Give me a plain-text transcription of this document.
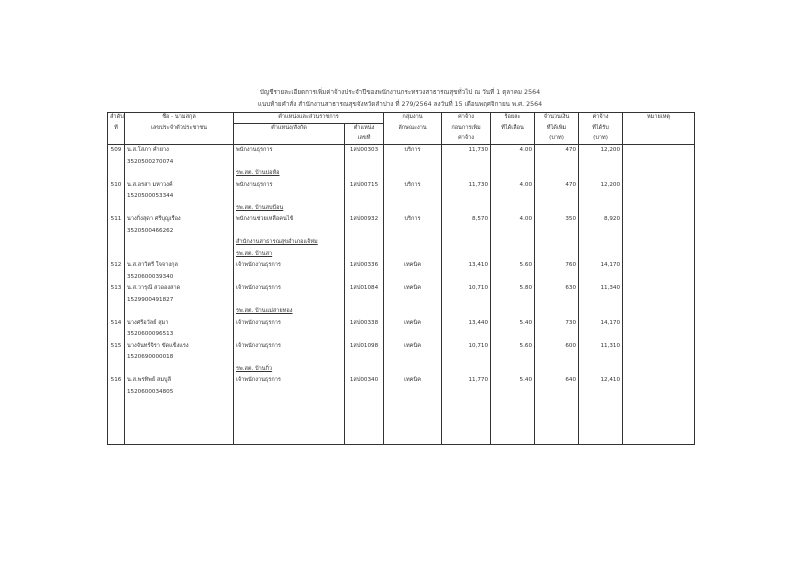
บัญชีรายละเอียดการเพิ่มค่าจ้างประจำปีของพนักงานกระทรวงสาธารณสุขทั่วไป ณ วันที่ 1 ตุลาคม 2564
แนบท้ายคำสั่ง สำนักงานสาธารณสุขจังหวัดลำปาง ที่ 279/2564 ลงวันที่ 15 เดือนพฤศจิกายน พ.ศ. 2564
ลำดับ	ชื่อ - นามสกุล	ตำแหน่งและส่วนราชการ		กลุ่มงาน	ค่าจ้าง	ร้อยละ	จำนวนเงิน	ค่าจ้าง	หมายเหตุ
ที่	เลขประจำตัวประชาชน	ตำแหน่ง/สังกัด	ตำแหน่ง	ลักษณะงาน	ก่อนการเพิ่ม	ที่ได้เลื่อน	ที่ได้เพิ่ม	ที่ได้รับ	
			เลขที่		ค่าจ้าง		(บาท)	(บาท)	
509	น.ส.โสภา คำยาง	พนักงานธุรการ	1สป00303	บริการ	11,730	4.00	470	12,200	
	3520500270074								
		รพ.สต. บ้านบ่อห้อ							
510	น.ส.อรสา มหาวงค์	พนักงานธุรการ	1สป00715	บริการ	11,730	4.00	470	12,200	
	1520500053344								
		รพ.สต. บ้านสบป้อน							
511	นางกิ่งสุดา ศรีบุญเรือง	พนักงานช่วยเหลือคนไข้	1สป00932	บริการ	8,570	4.00	350	8,920	
	3520500466262								
		สำนักงานสาธารณสุขอำเภอแจ้ห่ม							
		รพ.สต. บ้านสา							
512	น.ส.สาวิตรี ใจจางกุล	เจ้าพนักงานธุรการ	1สป00336	เทคนิค	13,410	5.60	760	14,170	
	3520600039340								
513	น.ส.วารุณี สวอองสาด	เจ้าพนักงานธุรการ	1สป01084	เทคนิค	10,710	5.80	630	11,340	
	1529900491827								
		รพ.สต. บ้านแม่สายทอง							
514	นางศรีอวัลย์ สุมา	เจ้าพนักงานธุรการ	1สป00338	เทคนิค	13,440	5.40	730	14,170	
	3520600096513								
515	นางจันทร์จิรา ขัดแข็งแรง	เจ้าพนักงานธุรการ	1สป01098	เทคนิค	10,710	5.60	600	11,310	
	1520690000018								
		รพ.สต. บ้านกิ่ว							
516	น.ส.พรทิพย์ สมบูลี	เจ้าพนักงานธุรการ	1สป00340	เทคนิค	11,770	5.40	640	12,410	
	1520600034805								
